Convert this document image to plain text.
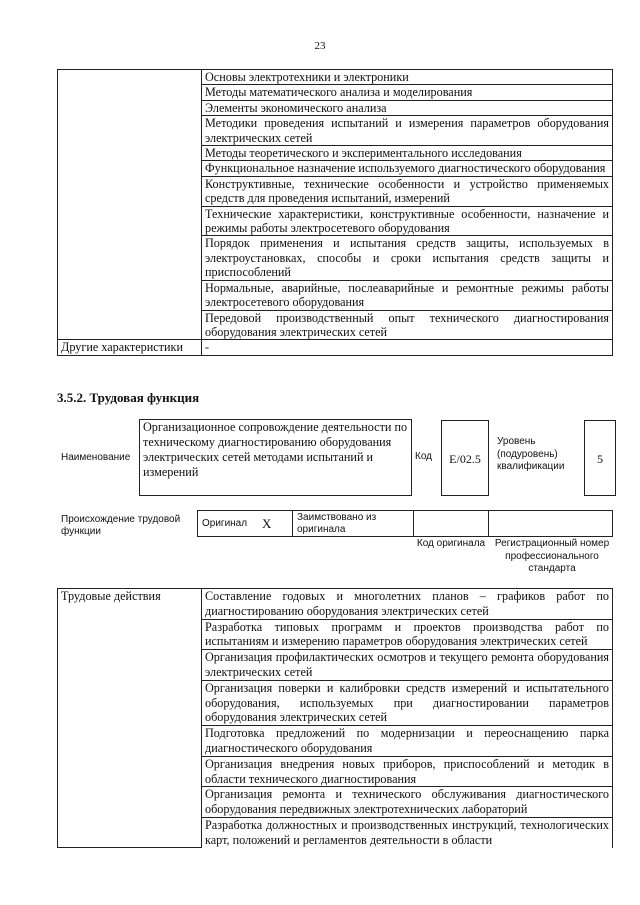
23
	Основы электротехники и электроники
	Методы математического анализа и моделирования
	Элементы экономического анализа
	Методики проведения испытаний и измерения параметров оборудования электрических сетей
	Методы теоретического и экспериментального исследования
	Функциональное назначение используемого диагностического оборудования
	Конструктивные, технические особенности и устройство применяемых средств для проведения испытаний, измерений
	Технические характеристики, конструктивные особенности, назначение и режимы работы электросетевого оборудования
	Порядок применения и испытания средств защиты, используемых в электроустановках, способы и сроки испытания средств защиты и приспособлений
	Нормальные, аварийные, послеаварийные и ремонтные режимы работы электросетевого оборудования
	Передовой производственный опыт технического диагностирования оборудования электрических сетей
Другие характеристики	-
3.5.2. Трудовая функция
Наименование
Организационное сопровождение деятельности по техническому диагностированию оборудования электрических сетей методами испытаний и измерений
Код	E/02.5
Уровень (подуровень) квалификации
5
Происхождение трудовой функции
Оригинал	X	Заимствовано из оригинала		
Код оригинала Регистрационный номер профессионального стандарта
Трудовые действия	Составление годовых и многолетних планов – графиков работ по диагностированию оборудования электрических сетей
Разработка типовых программ и проектов производства работ по испытаниям и измерению параметров оборудования электрических сетей
Организация профилактических осмотров и текущего ремонта оборудования электрических сетей
Организация поверки и калибровки средств измерений и испытательного оборудования, используемых при диагностировании параметров оборудования электрических сетей
Подготовка предложений по модернизации и переоснащению парка диагностического оборудования
Организация внедрения новых приборов, приспособлений и методик в области технического диагностирования
Организация ремонта и технического обслуживания диагностического оборудования передвижных электротехнических лабораторий
Разработка должностных и производственных инструкций, технологических карт, положений и регламентов деятельности в области
